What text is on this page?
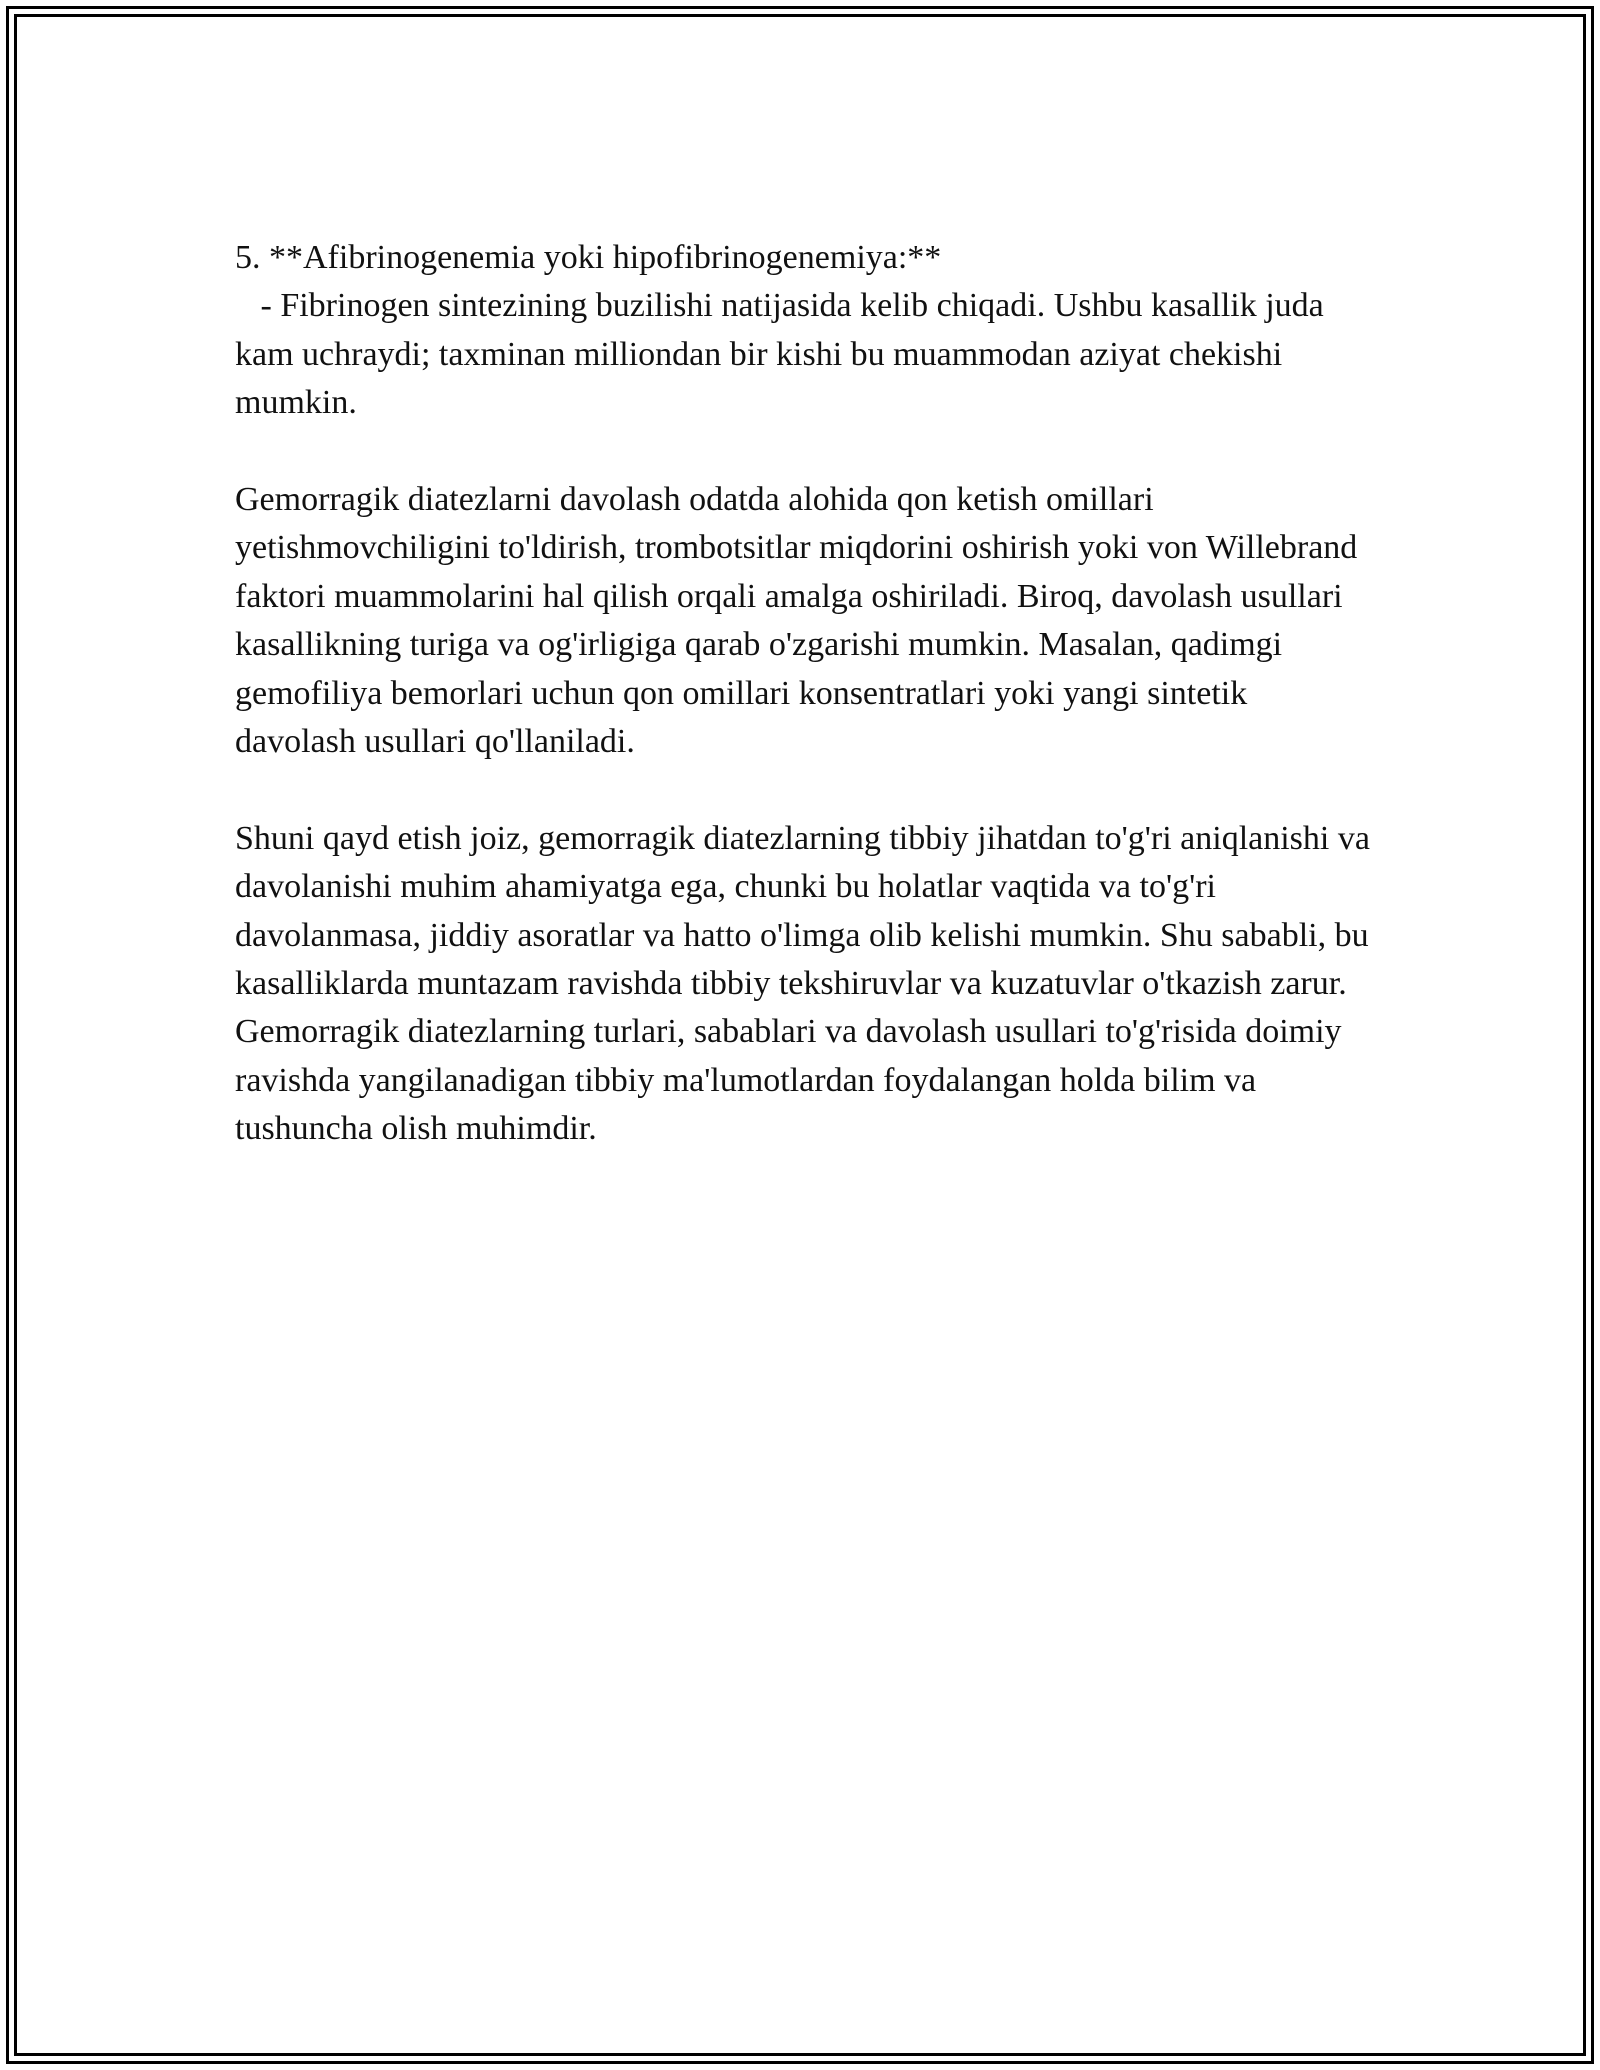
5. **Afibrinogenemia yoki hipofibrinogenemiya:**

- Fibrinogen sintezining buzilishi natijasida kelib chiqadi. Ushbu kasallik juda kam uchraydi; taxminan milliondan bir kishi bu muammodan aziyat chekishi mumkin.

Gemorragik diatezlarni davolash odatda alohida qon ketish omillari yetishmovchiligini to'ldirish, trombotsitlar miqdorini oshirish yoki von Willebrand faktori muammolarini hal qilish orqali amalga oshiriladi. Biroq, davolash usullari kasallikning turiga va og'irligiga qarab o'zgarishi mumkin. Masalan, qadimgi gemofiliya bemorlari uchun qon omillari konsentratlari yoki yangi sintetik davolash usullari qo'llaniladi.

Shuni qayd etish joiz, gemorragik diatezlarning tibbiy jihatdan to'g'ri aniqlanishi va davolanishi muhim ahamiyatga ega, chunki bu holatlar vaqtida va to'g'ri davolanmasa, jiddiy asoratlar va hatto o'limga olib kelishi mumkin. Shu sababli, bu kasalliklarda muntazam ravishda tibbiy tekshiruvlar va kuzatuvlar o'tkazish zarur. Gemorragik diatezlarning turlari, sabablari va davolash usullari to'g'risida doimiy ravishda yangilanadigan tibbiy ma'lumotlardan foydalangan holda bilim va tushuncha olish muhimdir.
